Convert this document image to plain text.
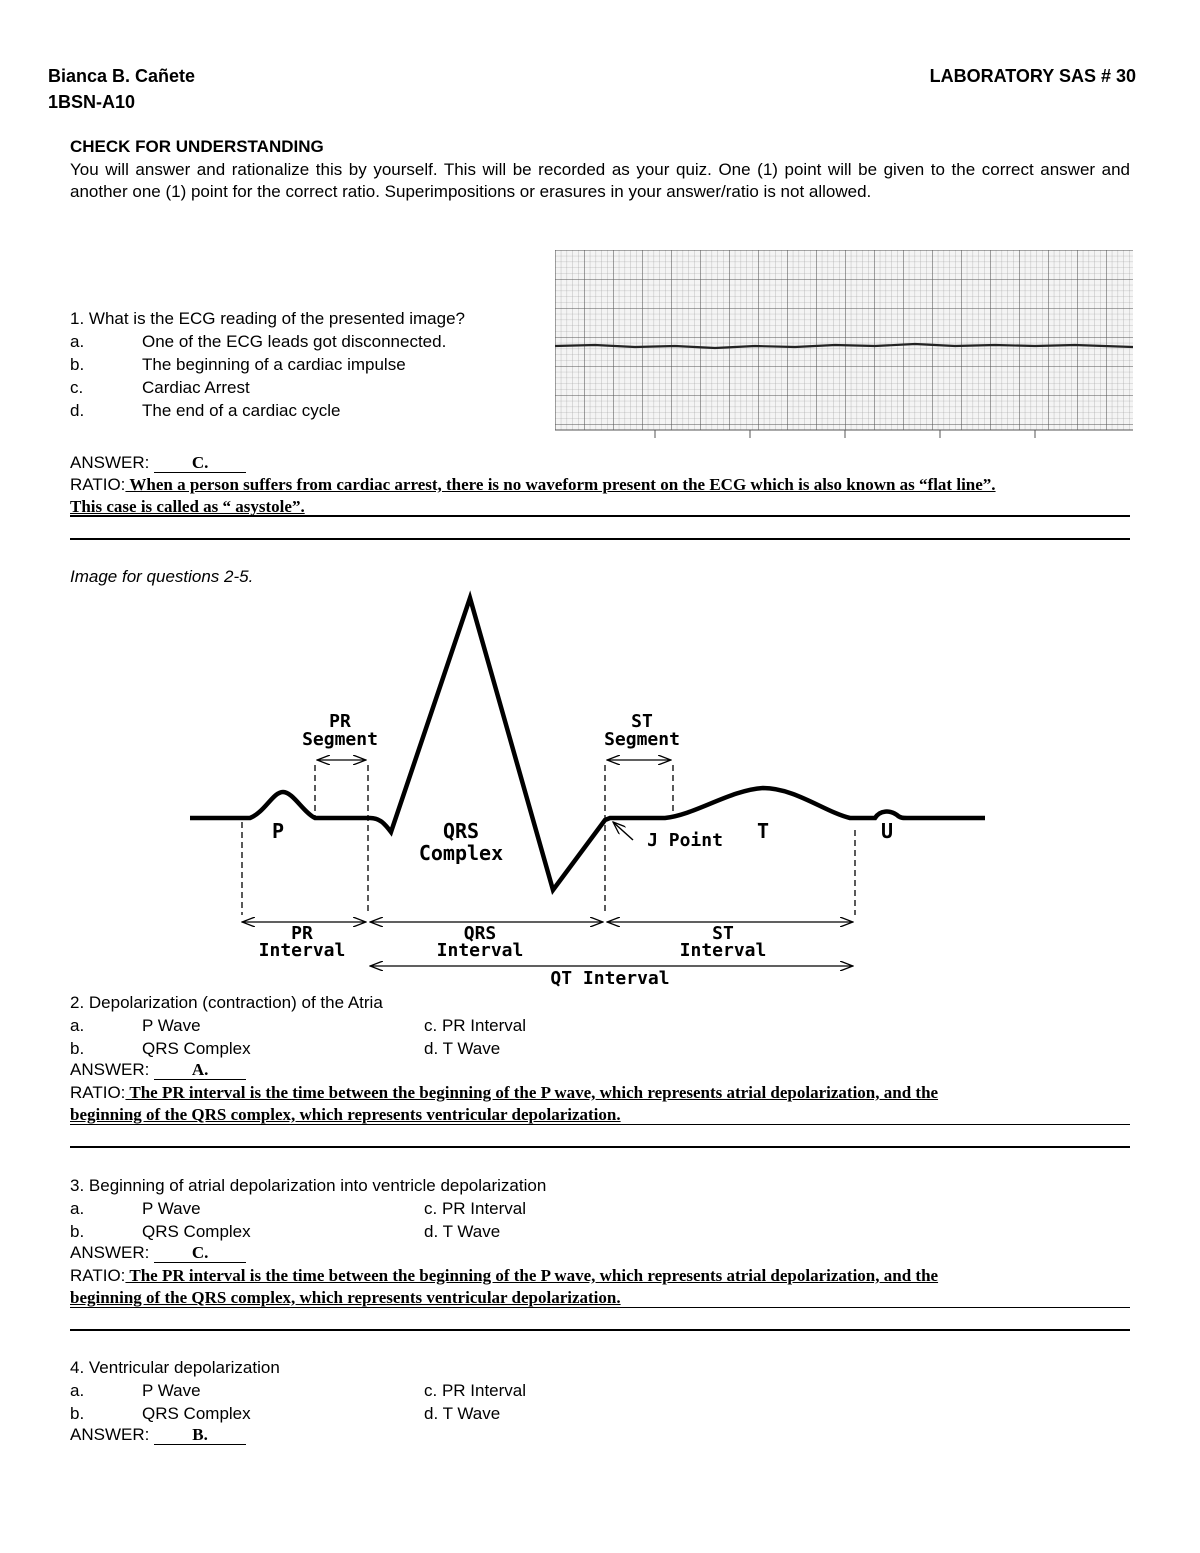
Bianca B. Cañete
1BSN-A10
LABORATORY SAS # 30
CHECK FOR UNDERSTANDING
You will answer and rationalize this by yourself. This will be recorded as your quiz. One (1) point will be given to the correct answer and another one (1) point for the correct ratio. Superimpositions or erasures in your answer/ratio is not allowed.
1. What is the ECG reading of the presented image?
a.	One of the ECG leads got disconnected.
b.	The beginning of a cardiac impulse
c.	Cardiac Arrest
d.	The end of a cardiac cycle
ANSWER: C.
RATIO: When a person suffers from cardiac arrest, there is no waveform present on the ECG which is also known as “flat line”.
This case is called as “ asystole”.
Image for questions 2-5.
PR
Segment
ST
Segment
P	QRS
Complex
J Point T	U
PR
Interval
QRS
Interval
ST
Interval
QT Interval
2. Depolarization (contraction) of the Atria
a.	P Wave	c. PR Interval
b.	QRS Complex	d. T Wave
ANSWER: A.
RATIO: The PR interval is the time between the beginning of the P wave, which represents atrial depolarization, and the
beginning of the QRS complex, which represents ventricular depolarization.
3. Beginning of atrial depolarization into ventricle depolarization
a.	P Wave	c. PR Interval
b.	QRS Complex	d. T Wave
ANSWER: C.
RATIO: The PR interval is the time between the beginning of the P wave, which represents atrial depolarization, and the
beginning of the QRS complex, which represents ventricular depolarization.
4. Ventricular depolarization
a.	P Wave	c. PR Interval
b.	QRS Complex	d. T Wave
ANSWER:	B.
